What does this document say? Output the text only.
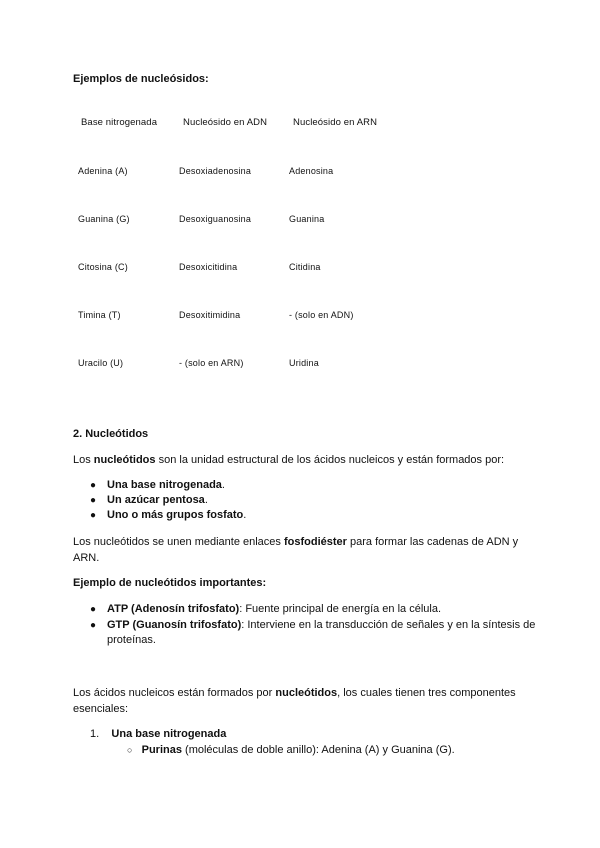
Ejemplos de nucleósidos:
Base nitrogenada	Nucleósido en ADN	Nucleósido en ARN
Adenina (A)	Desoxiadenosina	Adenosina
Guanina (G)	Desoxiguanosina	Guanina
Citosina (C)	Desoxicitidina	Citidina
Timina (T)	Desoxitimidina	- (solo en ADN)
Uracilo (U)	- (solo en ARN)	Uridina
2. Nucleótidos
Los nucleótidos son la unidad estructural de los ácidos nucleicos y están formados por:
● Una base nitrogenada.
● Un azúcar pentosa.
● Uno o más grupos fosfato.
Los nucleótidos se unen mediante enlaces fosfodiéster para formar las cadenas de ADN y ARN.
Ejemplo de nucleótidos importantes:
● ATP (Adenosín trifosfato): Fuente principal de energía en la célula.
● GTP (Guanosín trifosfato): Interviene en la transducción de señales y en la síntesis de proteínas.
Los ácidos nucleicos están formados por nucleótidos, los cuales tienen tres componentes esenciales:
1. Una base nitrogenada
○ Purinas (moléculas de doble anillo): Adenina (A) y Guanina (G).
